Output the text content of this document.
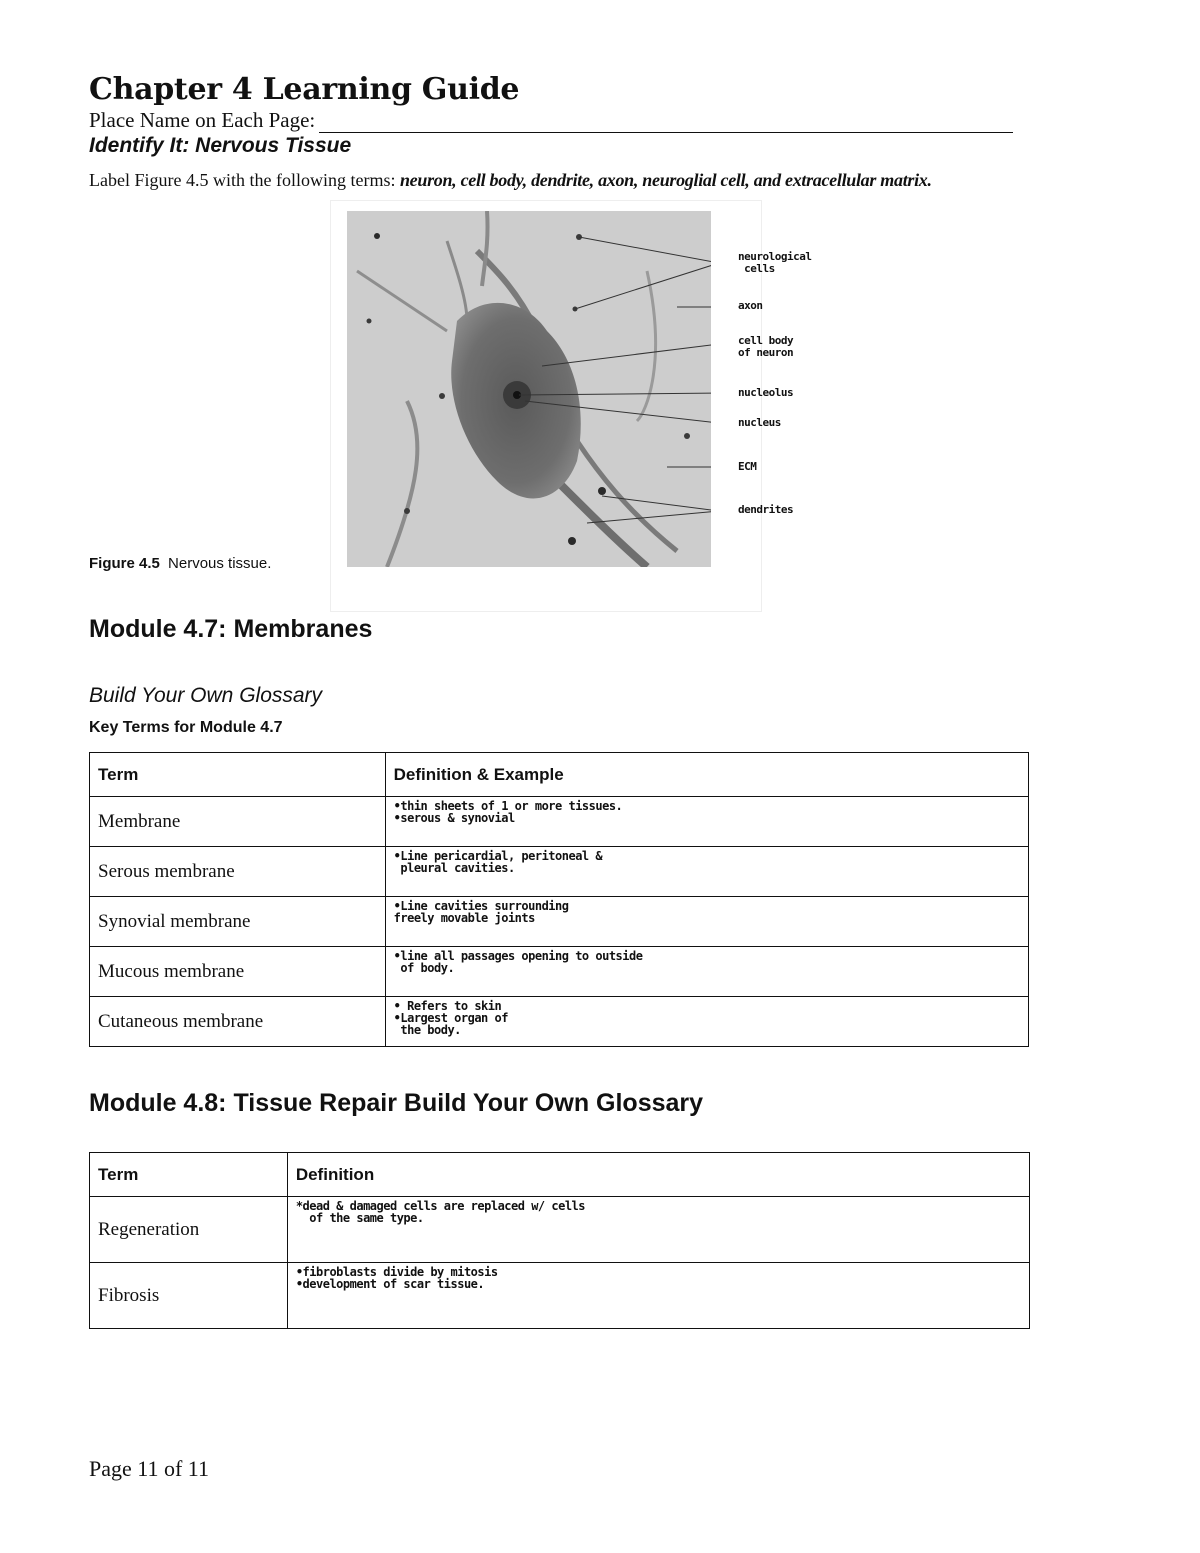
Chapter 4 Learning Guide
Place Name on Each Page:
Identify It: Nervous Tissue
Label Figure 4.5 with the following terms: neuron, cell body, dendrite, axon, neuroglial cell, and extracellular matrix.
Figure 4.5 Nervous tissue.
neurological
cells
axon
cell body
of neuron
nucleolus
nucleus
ECM
dendrites
Module 4.7: Membranes
Build Your Own Glossary
Key Terms for Module 4.7
Term	Definition & Example
Membrane	•thin sheets of 1 or more tissues.
•serous & synovial

Serous membrane	•Line pericardial, peritoneal &
pleural cavities.

Synovial membrane	•Line cavities surrounding
freely movable joints

Mucous membrane	•line all passages opening to outside
of body.

Cutaneous membrane	• Refers to skin
•Largest organ of
the body.
Module 4.8: Tissue Repair Build Your Own Glossary
Term	Definition
Regeneration	*dead & damaged cells are replaced w/ cells
of the same type.

Fibrosis	•fibroblasts divide by mitosis
•development of scar tissue.
Page 11 of 11
